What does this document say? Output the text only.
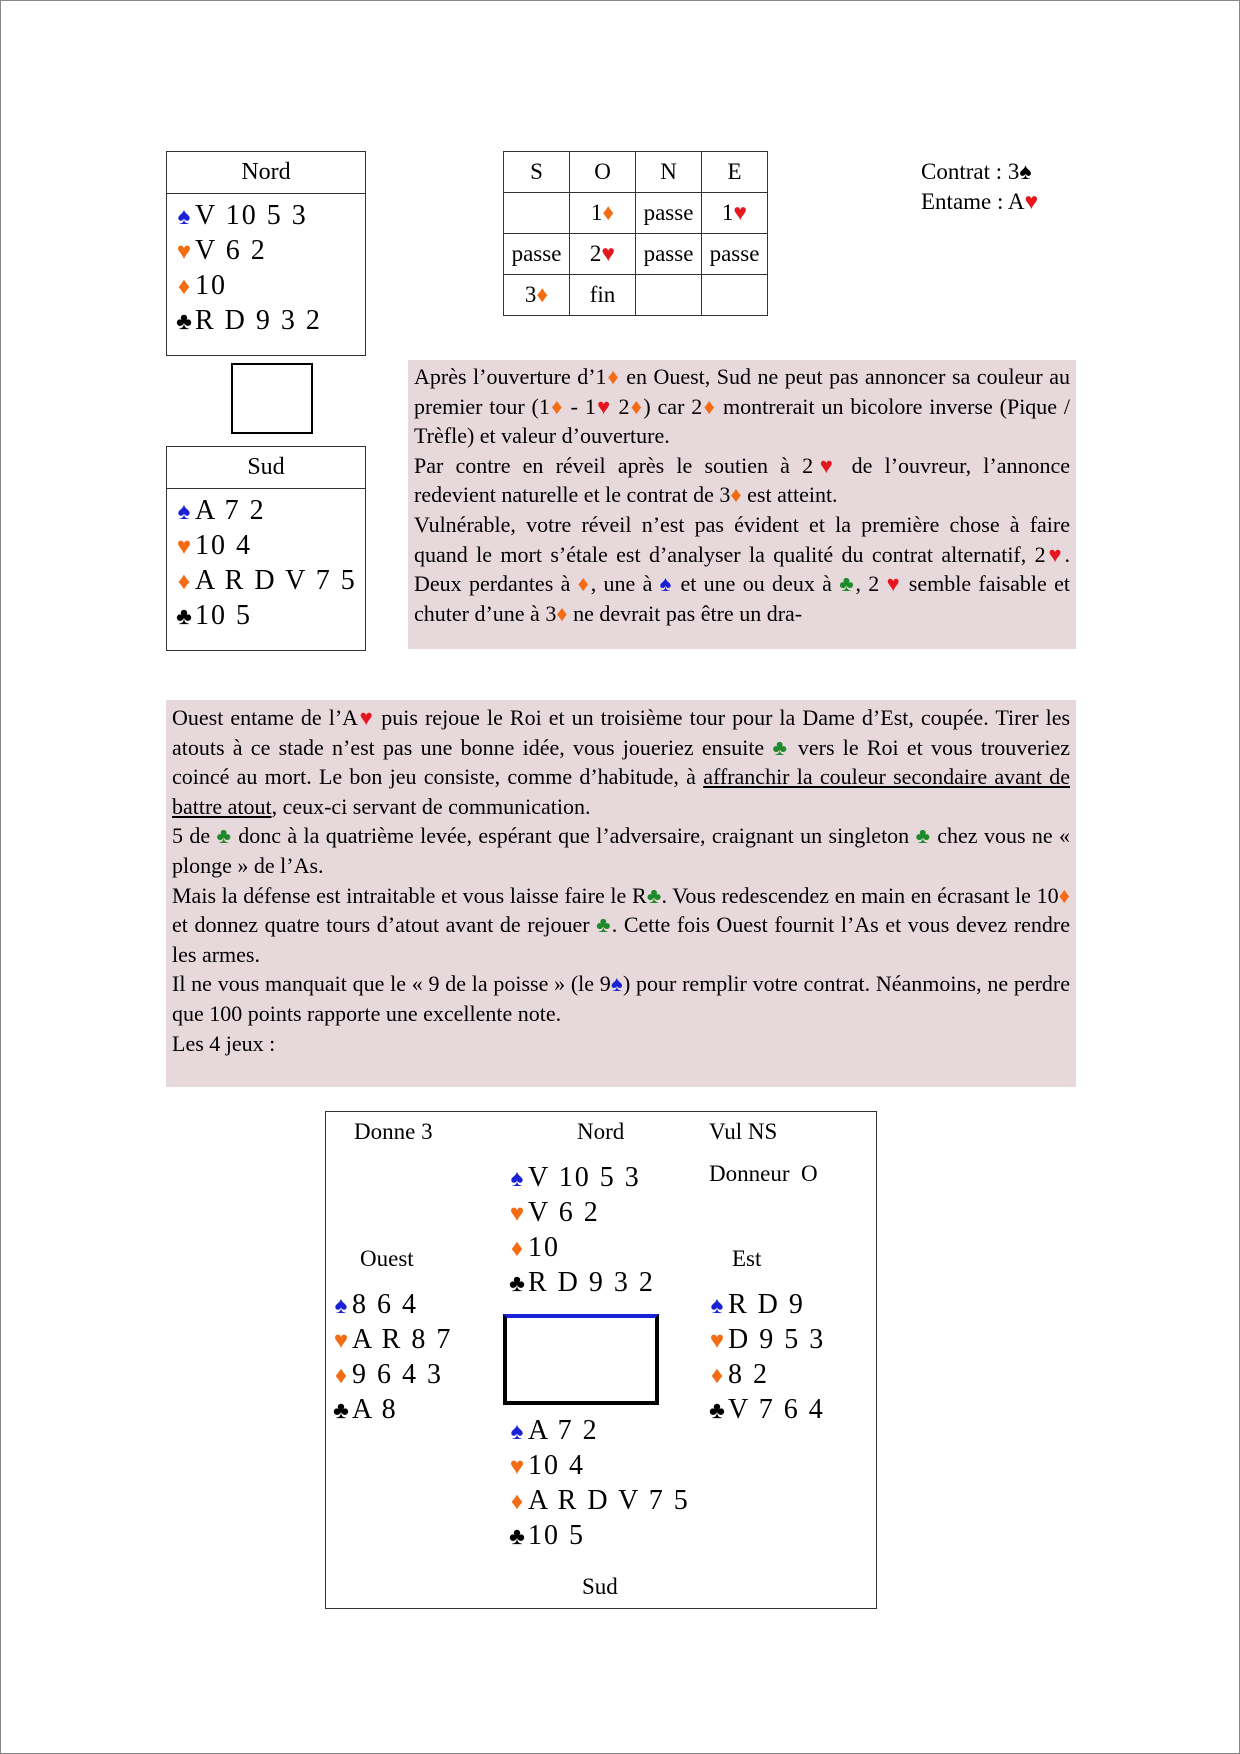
Nord
♠ V 10 5 3
♥ V 6 2
♦ 10
♣ R D 9 3 2
Sud
♠ A 7 2
♥ 10 4
♦ A R D V 7 5
♣ 10 5
S	O	N	E
	1♦	passe	1♥
passe	2♥	passe	passe
3♦	fin		
Contrat : 3♠
Entame : A♥

Après l’ouverture d’1♦ en Ouest, Sud ne peut pas annoncer sa couleur au premier tour (1♦ - 1♥ 2♦) car 2♦ montrerait un bicolore inverse (Pique / Trèfle) et valeur d’ouverture.

Par contre en réveil après le soutien à 2♥ de l’ouvreur, l’annonce redevient naturelle et le contrat de 3♦ est atteint.

Vulnérable, votre réveil n’est pas évident et la première chose à faire quand le mort s’étale est d’analyser la qualité du contrat alternatif, 2♥. Deux perdantes à ♦, une à ♠ et une ou deux à ♣, 2 ♥ semble faisable et chuter d’une à 3♦ ne devrait pas être un dra-

Ouest entame de l’A♥ puis rejoue le Roi et un troisième tour pour la Dame d’Est, coupée. Tirer les atouts à ce stade n’est pas une bonne idée, vous joueriez ensuite ♣ vers le Roi et vous trouveriez coincé au mort. Le bon jeu consiste, comme d’habitude, à affranchir la couleur secondaire avant de battre atout, ceux-ci servant de communication.

5 de ♣ donc à la quatrième levée, espérant que l’adversaire, craignant un singleton ♣ chez vous ne « plonge » de l’As.

Mais la défense est intraitable et vous laisse faire le R♣. Vous redescendez en main en écrasant le 10♦ et donnez quatre tours d’atout avant de rejouer ♣. Cette fois Ouest fournit l’As et vous devez rendre les armes.

Il ne vous manquait que le « 9 de la poisse » (le 9♠) pour remplir votre contrat. Néanmoins, ne perdre que 100 points rapporte une excellente note.

Les 4 jeux :

Donne 3	Nord	Vul NS
Donneur  O
Ouest	Est
Sud
♠ V 10 5 3
♥ V 6 2
♦ 10
♣ R D 9 3 2
♠ 8 6 4
♥ A R 8 7
♦ 9 6 4 3
♣ A 8
♠ R D 9
♥ D 9 5 3
♦ 8 2
♣ V 7 6 4
♠ A 7 2
♥ 10 4
♦ A R D V 7 5
♣ 10 5
